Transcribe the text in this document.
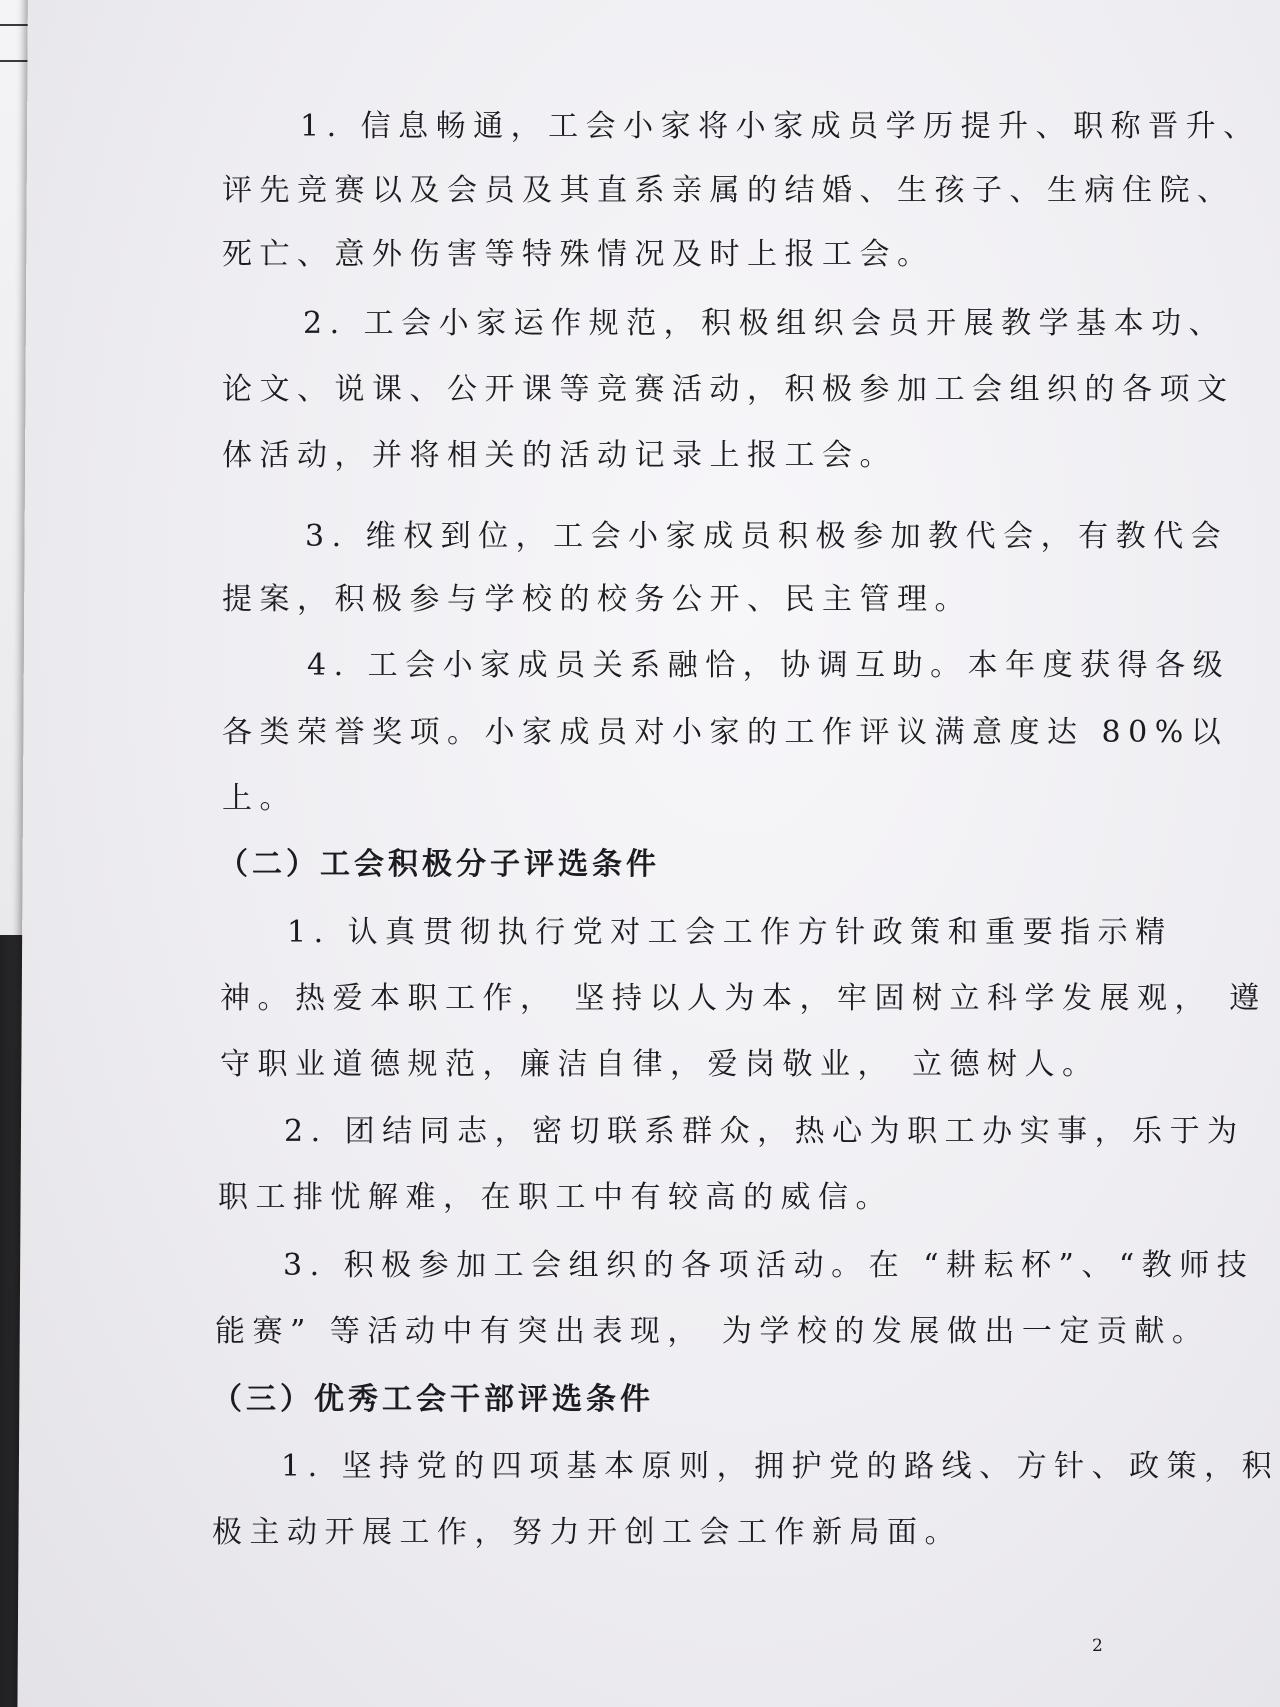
1. 信息畅通，工会小家将小家成员学历提升、职称晋升、
评先竞赛以及会员及其直系亲属的结婚、生孩子、生病住院、
死亡、意外伤害等特殊情况及时上报工会。
2. 工会小家运作规范，积极组织会员开展教学基本功、
论文、说课、公开课等竞赛活动，积极参加工会组织的各项文
体活动，并将相关的活动记录上报工会。
3. 维权到位，工会小家成员积极参加教代会，有教代会
提案，积极参与学校的校务公开、民主管理。
4. 工会小家成员关系融恰，协调互助。本年度获得各级
各类荣誉奖项。小家成员对小家的工作评议满意度达 80%以
上。
（二）工会积极分子评选条件
1. 认真贯彻执行党对工会工作方针政策和重要指示精
神。热爱本职工作， 坚持以人为本，牢固树立科学发展观， 遵
守职业道德规范，廉洁自律，爱岗敬业， 立德树人。
2. 团结同志，密切联系群众，热心为职工办实事，乐于为
职工排忧解难，在职工中有较高的威信。
3. 积极参加工会组织的各项活动。在 “耕耘杯”、“教师技
能赛” 等活动中有突出表现， 为学校的发展做出一定贡献。
（三）优秀工会干部评选条件
1. 坚持党的四项基本原则，拥护党的路线、方针、政策，积
极主动开展工作，努力开创工会工作新局面。
2
